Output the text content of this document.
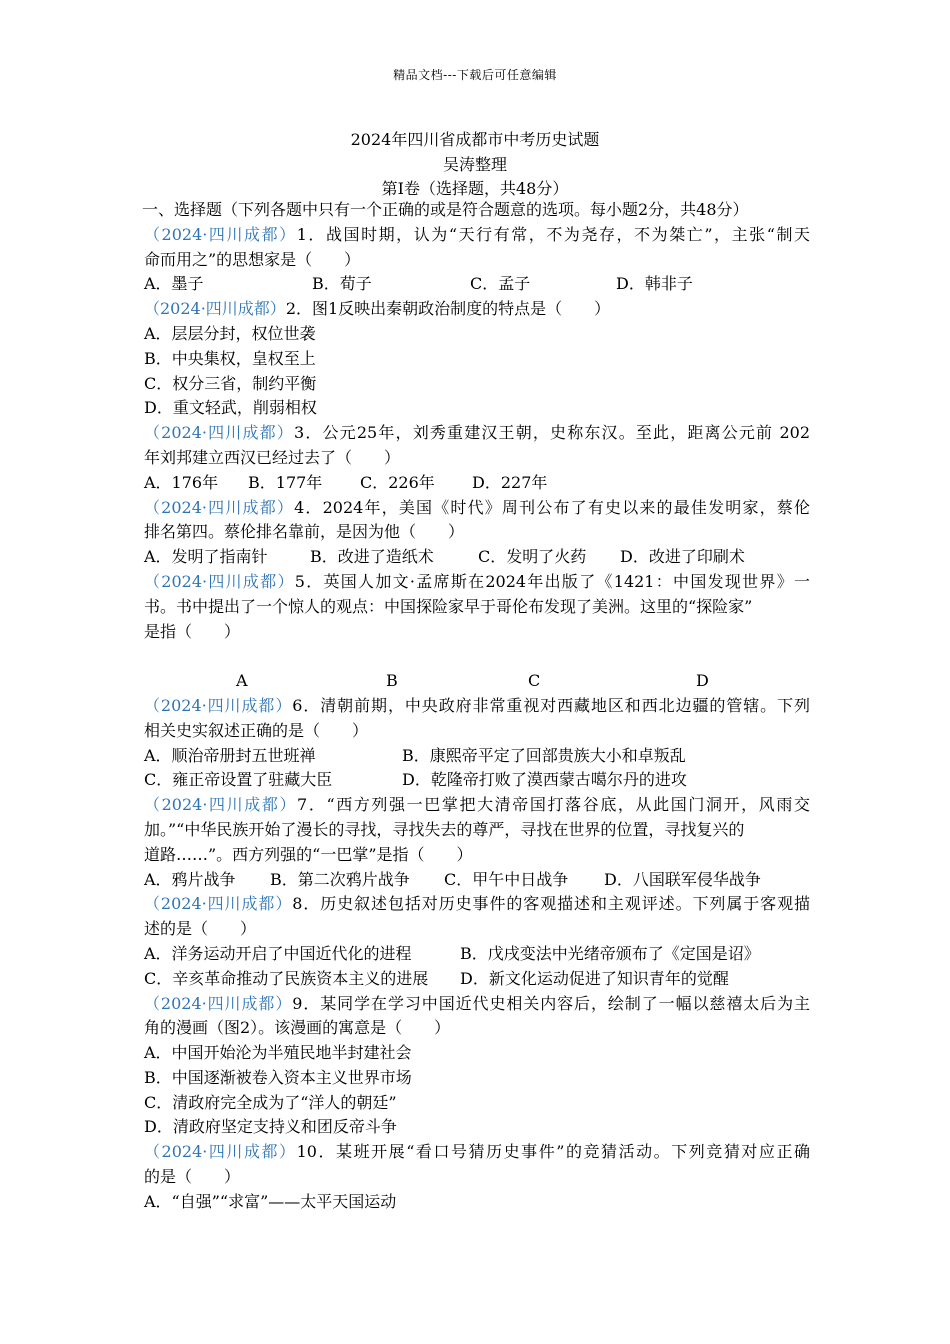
精品文档---下载后可任意编辑
2024年四川省成都市中考历史试题
吴涛整理
第Ⅰ卷（选择题，共48分）
一、选择题（下列各题中只有一个正确的或是符合题意的选项。每小题2分，共48分）
（2024·四川成都）1．战国时期，认为“天行有常，不为尧存，不为桀亡”，主张“制天
命而用之”的思想家是（　　）
A．墨子	B．荀子	C．孟子	D．韩非子
（2024·四川成都）2．图1反映出秦朝政治制度的特点是（　　）
A．层层分封，权位世袭
B．中央集权，皇权至上
C．权分三省，制约平衡
D．重文轻武，削弱相权
（2024·四川成都）3．公元25年，刘秀重建汉王朝，史称东汉。至此，距离公元前 202
年刘邦建立西汉已经过去了（　　）
A．176年 B．177年 C．226年 D．227年
（2024·四川成都）4．2024年，美国《时代》周刊公布了有史以来的最佳发明家，蔡伦
排名第四。蔡伦排名靠前，是因为他（　　）
A．发明了指南针	B．改进了造纸术	C．发明了火药 D．改进了印刷术
（2024·四川成都）5．英国人加文·孟席斯在2024年出版了《1421：中国发现世界》一
书。书中提出了一个惊人的观点：中国探险家早于哥伦布发现了美洲。这里的“探险家”
是指（　　）
A	B	C	D
（2024·四川成都）6．清朝前期，中央政府非常重视对西藏地区和西北边疆的管辖。下列
相关史实叙述正确的是（　　）
A．顺治帝册封五世班禅	B．康熙帝平定了回部贵族大小和卓叛乱
C．雍正帝设置了驻藏大臣	D．乾隆帝打败了漠西蒙古噶尔丹的进攻
（2024·四川成都）7．“西方列强一巴掌把大清帝国打落谷底，从此国门洞开，风雨交
加。”“中华民族开始了漫长的寻找，寻找失去的尊严，寻找在世界的位置，寻找复兴的
道路……”。西方列强的“一巴掌”是指（　　）
A．鸦片战争 B．第二次鸦片战争 C．甲午中日战争 D．八国联军侵华战争
（2024·四川成都）8．历史叙述包括对历史事件的客观描述和主观评述。下列属于客观描
述的是（　　）
A．洋务运动开启了中国近代化的进程	B．戊戌变法中光绪帝颁布了《定国是诏》
C．辛亥革命推动了民族资本主义的进展 D．新文化运动促进了知识青年的觉醒
（2024·四川成都）9．某同学在学习中国近代史相关内容后，绘制了一幅以慈禧太后为主
角的漫画（图2）。该漫画的寓意是（　　）
A．中国开始沦为半殖民地半封建社会
B．中国逐渐被卷入资本主义世界市场
C．清政府完全成为了“洋人的朝廷”
D．清政府坚定支持义和团反帝斗争
（2024·四川成都）10．某班开展“看口号猜历史事件”的竞猜活动。下列竞猜对应正确
的是（　　）
A．“自强”“求富”——太平天国运动
